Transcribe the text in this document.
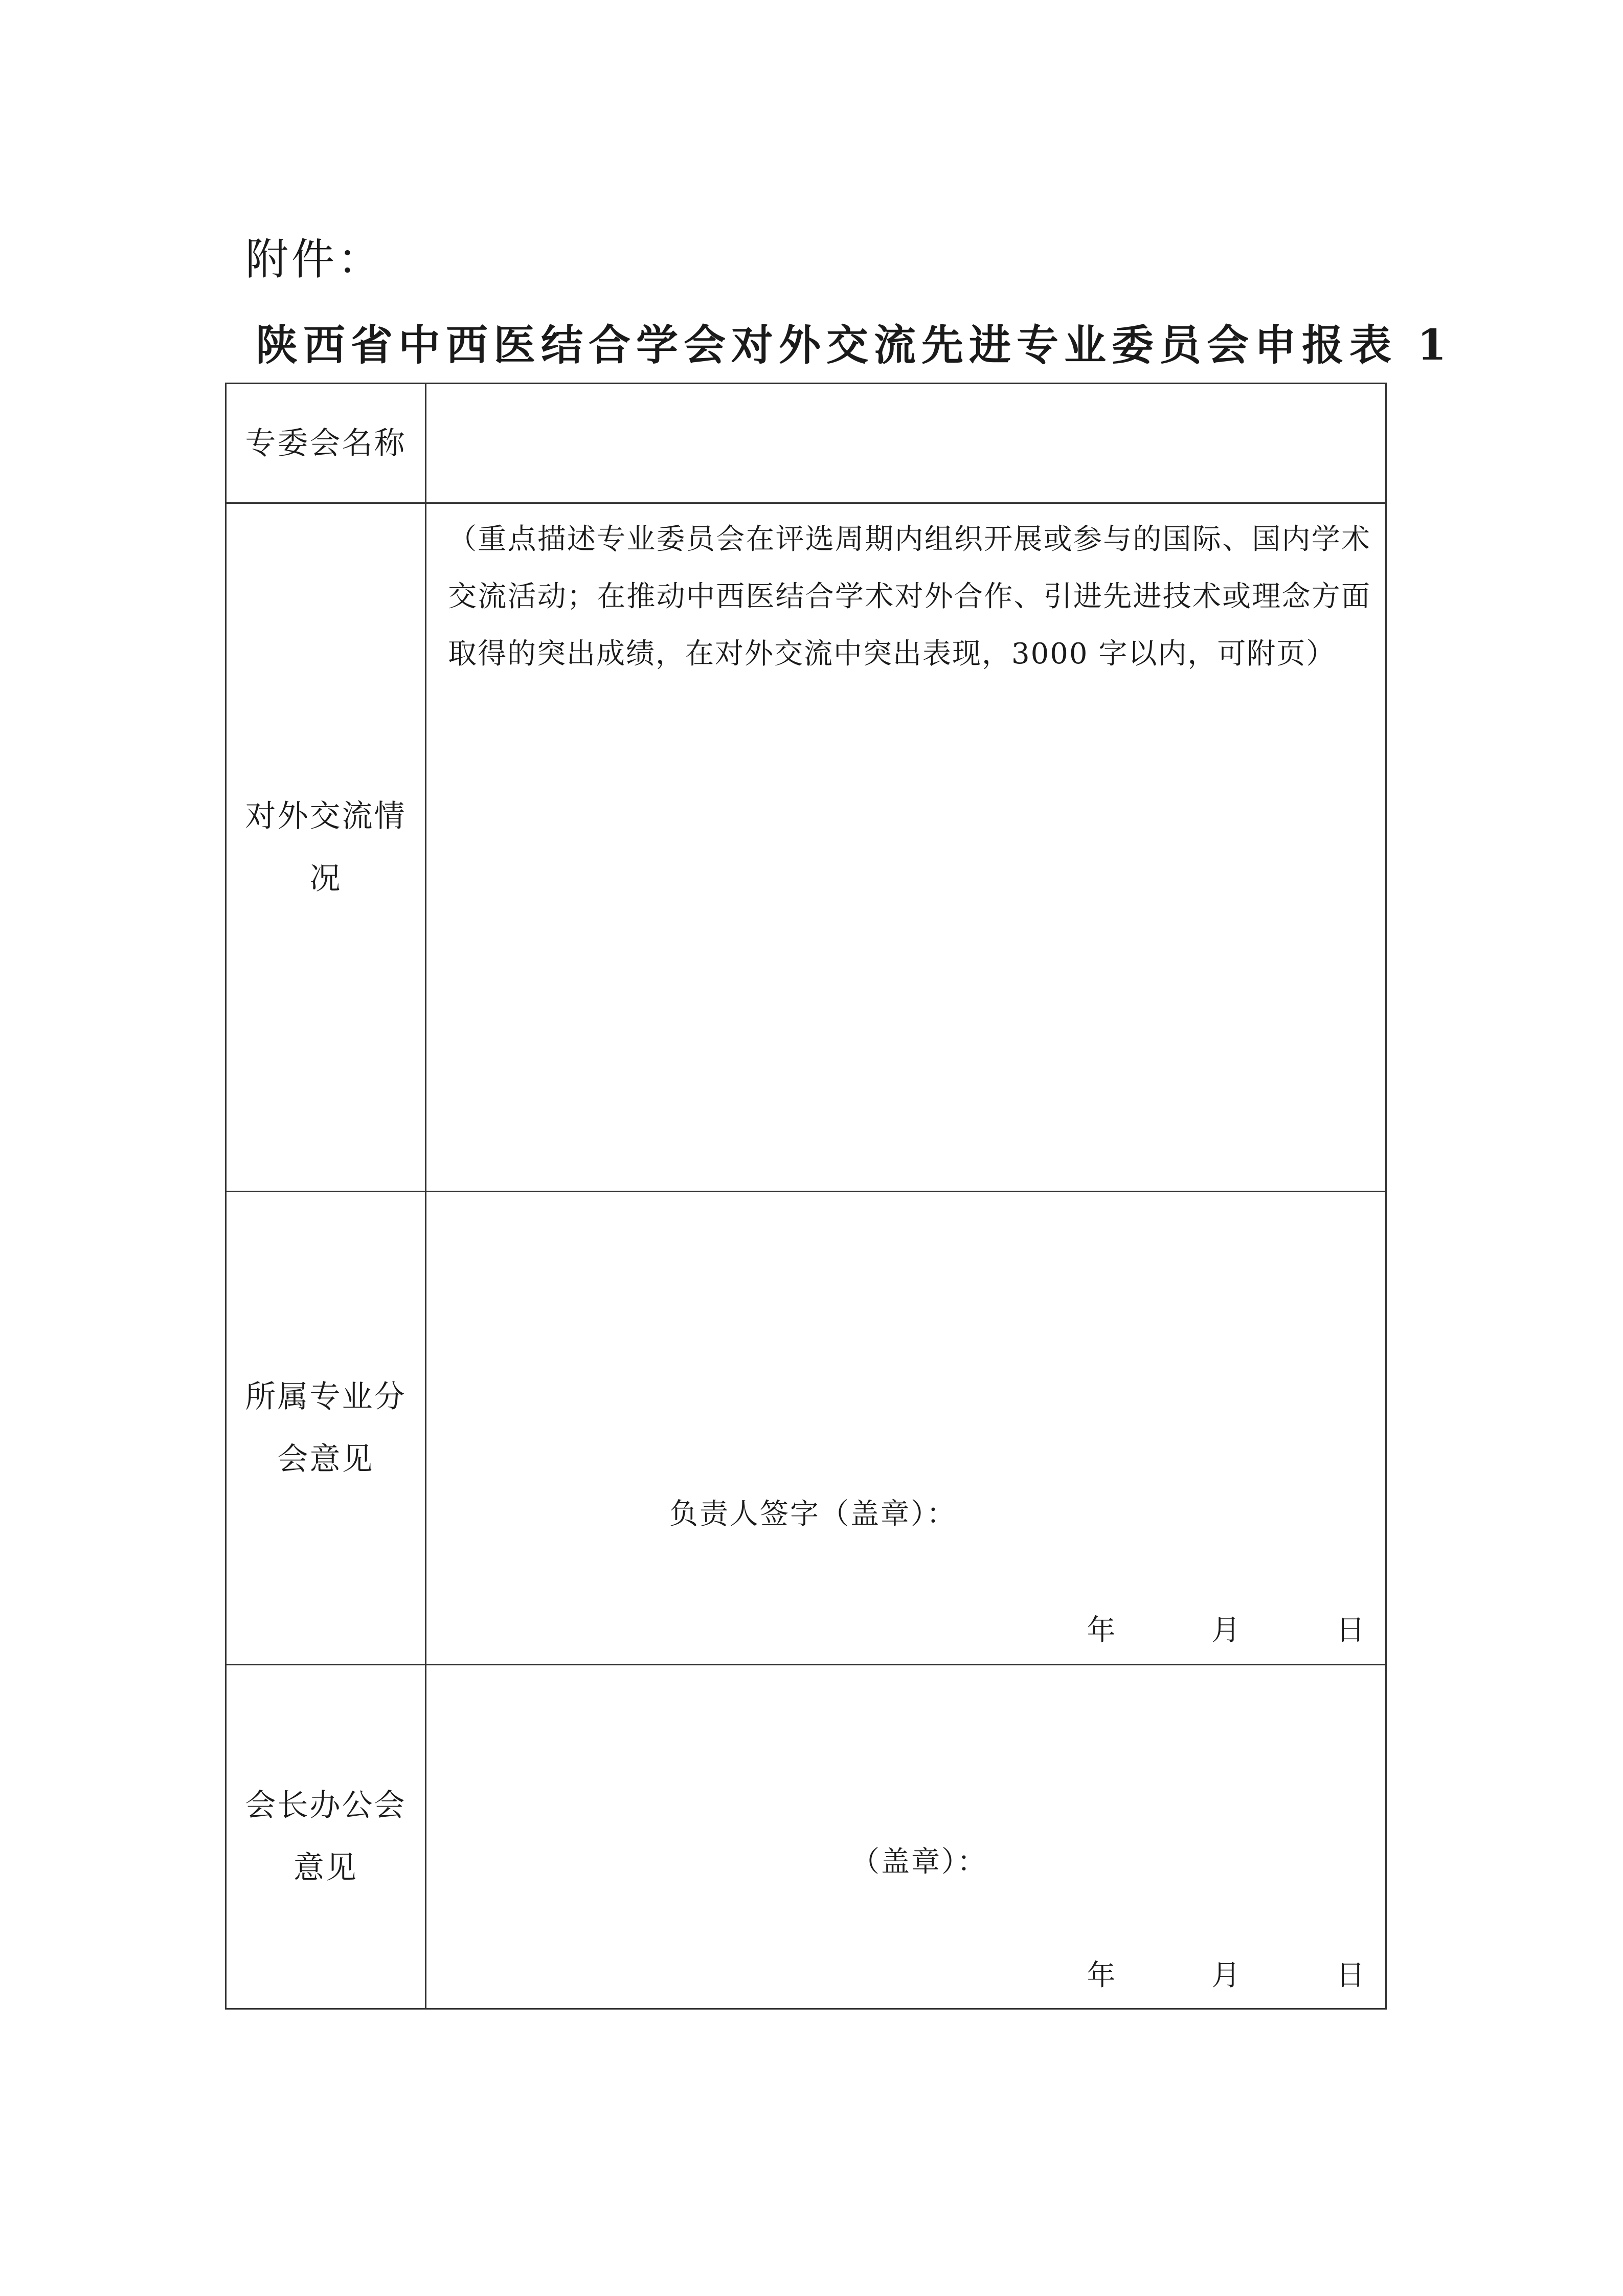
附件：
陕西省中西医结合学会对外交流先进专业委员会申报表 1
专委会名称	
对外交流情况	（重点描述专业委员会在评选周期内组织开展或参与的国际、国内学术交流活动；在推动中西医结合学术对外合作、引进先进技术或理念方面取得的突出成绩，在对外交流中突出表现，3000 字以内，可附页）

所属专业分会意见	负责人签字（盖章）：
年 月 日

会长办公会意见	（盖章）：
年 月 日
